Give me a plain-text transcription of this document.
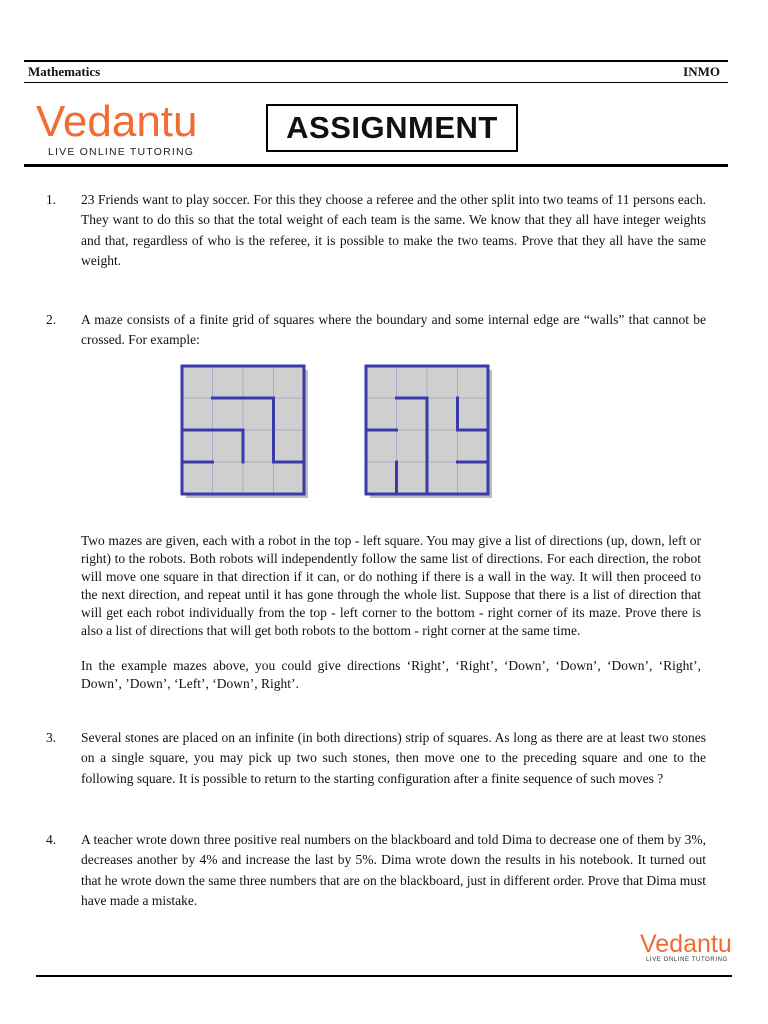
Mathematics	INMO
Vedantu
LIVE ONLINE TUTORING
ASSIGNMENT
1. 23 Friends want to play soccer. For this they choose a referee and the other split into two teams of 11 persons each. They want to do this so that the total weight of each team is the same. We know that they all have integer weights and that, regardless of who is the referee, it is possible to make the two teams. Prove that they all have the same weight.
2. A maze consists of a finite grid of squares where the boundary and some internal edge are “walls” that cannot be crossed. For example:
Two mazes are given, each with a robot in the top - left square. You may give a list of directions (up, down, left or right) to the robots. Both robots will independently follow the same list of directions. For each direction, the robot will move one square in that direction if it can, or do nothing if there is a wall in the way. It will then proceed to the next direction, and repeat until it has gone through the whole list. Suppose that there is a list of direction that will get each robot individually from the top - left corner to the bottom - right corner of its maze. Prove there is also a list of directions that will get both robots to the bottom - right corner at the same time.
In the example mazes above, you could give directions ‘Right’, ‘Right’, ‘Down’, ‘Down’, ‘Down’, ‘Right’, Down’, ’Down’, ‘Left’, ‘Down’, Right’.
3. Several stones are placed on an infinite (in both directions) strip of squares. As long as there are at least two stones on a single square, you may pick up two such stones, then move one to the preceding square and one to the following square. It is possible to return to the starting configuration after a finite sequence of such moves ?
4. A teacher wrote down three positive real numbers on the blackboard and told Dima to decrease one of them by 3%, decreases another by 4% and increase the last by 5%. Dima wrote down the results in his notebook. It turned out that he wrote down the same three numbers that are on the blackboard, just in different order. Prove that Dima must have made a mistake.
Vedantu
LIVE ONLINE TUTORING
